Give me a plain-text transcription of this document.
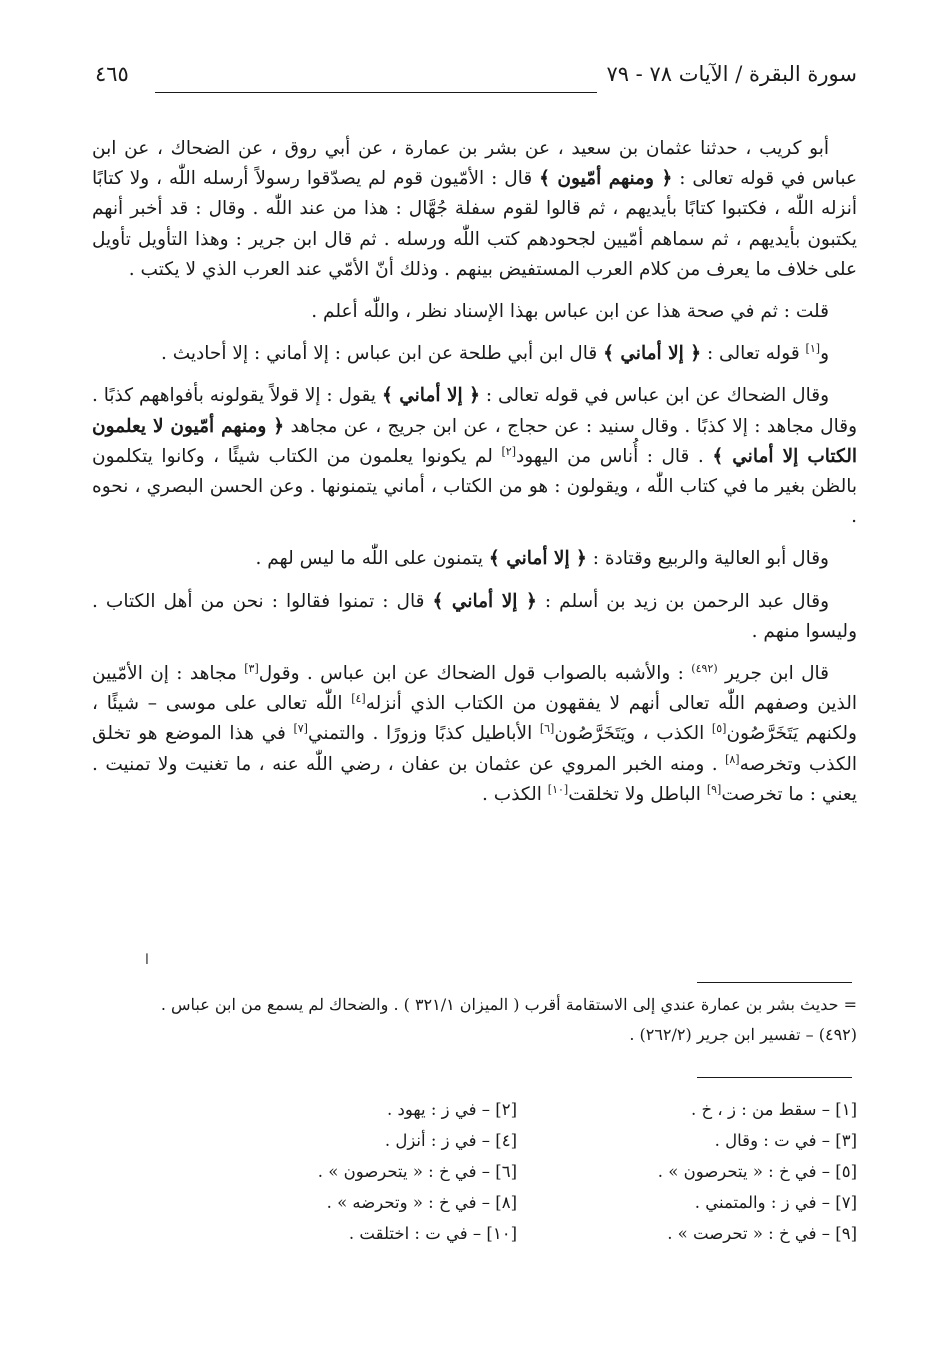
سورة البقرة / الآيات ٧٨ - ٧٩
٤٦٥

أبو كريب ، حدثنا عثمان بن سعيد ، عن بشر بن عمارة ، عن أبي روق ، عن الضحاك ، عن ابن عباس في قوله تعالى : ﴿ ومنهم أمّيون ﴾ قال : الأمّيون قوم لم يصدّقوا رسولاً أرسله اللّٰه ، ولا كتابًا أنزله اللّٰه ، فكتبوا كتابًا بأيديهم ، ثم قالوا لقوم سفلة جُهَّال : هذا من عند اللّٰه . وقال : قد أخبر أنهم يكتبون بأيديهم ، ثم سماهم أمّيين لجحودهم كتب اللّٰه ورسله . ثم قال ابن جرير : وهذا التأويل تأويل على خلاف ما يعرف من كلام العرب المستفيض بينهم . وذلك أنّ الأمّي عند العرب الذي لا يكتب .

قلت : ثم في صحة هذا عن ابن عباس بهذا الإسناد نظر ، واللّٰه أعلم .

و[١] قوله تعالى : ﴿ إلا أماني ﴾ قال ابن أبي طلحة عن ابن عباس : إلا أماني : إلا أحاديث .

وقال الضحاك عن ابن عباس في قوله تعالى : ﴿ إلا أماني ﴾ يقول : إلا قولاً يقولونه بأفواههم كذبًا . وقال مجاهد : إلا كذبًا . وقال سنيد : عن حجاج ، عن ابن جريج ، عن مجاهد ﴿ ومنهم أمّيون لا يعلمون الكتاب إلا أماني ﴾ . قال : أُناس من اليهود[٢] لم يكونوا يعلمون من الكتاب شيئًا ، وكانوا يتكلمون بالظن بغير ما في كتاب اللّٰه ، ويقولون : هو من الكتاب ، أماني يتمنونها . وعن الحسن البصري ، نحوه .

وقال أبو العالية والربيع وقتادة : ﴿ إلا أماني ﴾ يتمنون على اللّٰه ما ليس لهم .

وقال عبد الرحمن بن زيد بن أسلم : ﴿ إلا أماني ﴾ قال : تمنوا فقالوا : نحن من أهل الكتاب . وليسوا منهم .

قال ابن جرير $^{(٤٩٢)}$ : والأشبه بالصواب قول الضحاك عن ابن عباس . وقول[٣] مجاهد : إن الأمّيين الذين وصفهم اللّٰه تعالى أنهم لا يفقهون من الكتاب الذي أنزله[٤] اللّٰه تعالى على موسى – شيئًا ، ولكنهم يَتَخَرَّصُون[٥] الكذب ، ويَتَخَرَّصُون[٦] الأباطيل كذبًا وزورًا . والتمني[٧] في هذا الموضع هو تخلق الكذب وتخرصه[٨] . ومنه الخبر المروي عن عثمان بن عفان ، رضي اللّٰه عنه ، ما تغنيت ولا تمنيت . يعني : ما تخرصت[٩] الباطل ولا تخلقت[١٠] الكذب .

ا

= حديث بشر بن عمارة عندي إلى الاستقامة أقرب ( الميزان ٣٢١/١ ) . والضحاك لم يسمع من ابن عباس .

(٤٩٢) – تفسير ابن جرير (٢٦٢/٢) .

[١] – سقط من : ز ، خ .
[٢] – في ز : يهود .
[٣] – في ت : وقال .
[٤] – في ز : أنزل .
[٥] – في خ : « يتحرصون » .
[٦] – في خ : « يتحرصون » .
[٧] – في ز : والمتمني .
[٨] – في خ : « وتحرضه » .
[٩] – في خ : « تحرصت » .
[١٠] – في ت : اختلقت .
